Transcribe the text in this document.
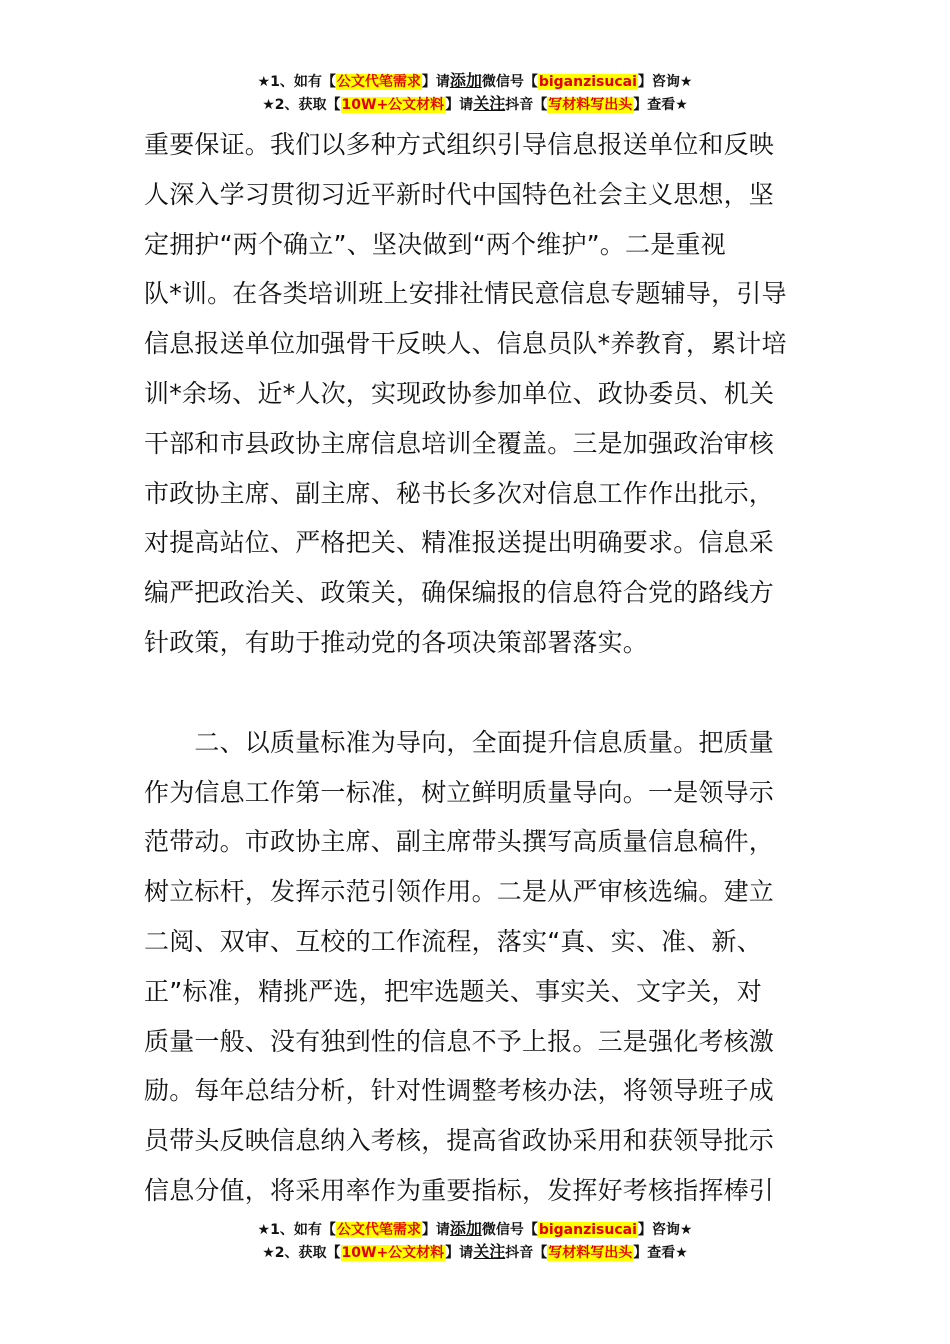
★1、如有【公文代笔需求】请添加微信号【biganzisucai】咨询★
★2、获取【10W+公文材料】请关注抖音【写材料写出头】查看★

重要保证。我们以多种方式组织引导信息报送单位和反映
人深入学习贯彻习近平新时代中国特色社会主义思想，坚
定拥护“两个确立”、坚决做到“两个维护”。二是重视
队*训。在各类培训班上安排社情民意信息专题辅导，引导
信息报送单位加强骨干反映人、信息员队*养教育，累计培
训*余场、近*人次，实现政协参加单位、政协委员、机关
干部和市县政协主席信息培训全覆盖。三是加强政治审核
市政协主席、副主席、秘书长多次对信息工作作出批示，
对提高站位、严格把关、精准报送提出明确要求。信息采
编严把政治关、政策关，确保编报的信息符合党的路线方
针政策，有助于推动党的各项决策部署落实。

　　二、以质量标准为导向，全面提升信息质量。把质量
作为信息工作第一标准，树立鲜明质量导向。一是领导示
范带动。市政协主席、副主席带头撰写高质量信息稿件，
树立标杆，发挥示范引领作用。二是从严审核选编。建立
二阅、双审、互校的工作流程，落实“真、实、准、新、
正”标准，精挑严选，把牢选题关、事实关、文字关，对
质量一般、没有独到性的信息不予上报。三是强化考核激
励。每年总结分析，针对性调整考核办法，将领导班子成
员带头反映信息纳入考核，提高省政协采用和获领导批示
信息分值，将采用率作为重要指标，发挥好考核指挥棒引

★1、如有【公文代笔需求】请添加微信号【biganzisucai】咨询★
★2、获取【10W+公文材料】请关注抖音【写材料写出头】查看★
